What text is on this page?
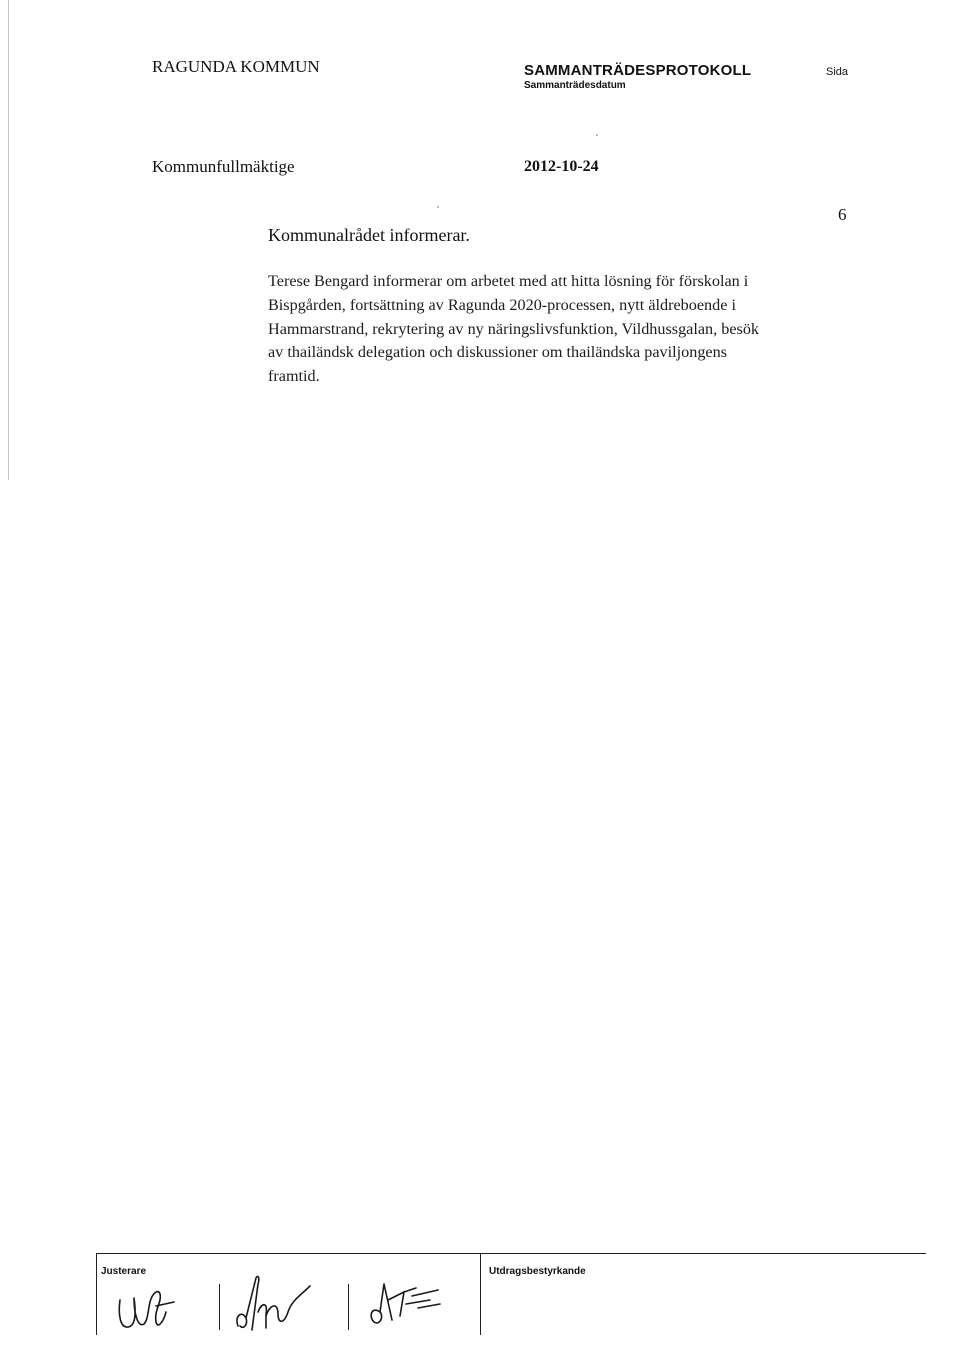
RAGUNDA KOMMUN	SAMMANTRÄDESPROTOKOLL
Sammanträdesdatum
Sida
Kommunfullmäktige	2012-10-24
6
Kommunalrådet informerar.
Terese Bengard informerar om arbetet med att hitta lösning för förskolan i
Bispgården, fortsättning av Ragunda 2020-processen, nytt äldreboende i
Hammarstrand, rekrytering av ny näringslivsfunktion, Vildhussgalan, besök
av thailändsk delegation och diskussioner om thailändska paviljongens
framtid.
Justerare	Utdragsbestyrkande
